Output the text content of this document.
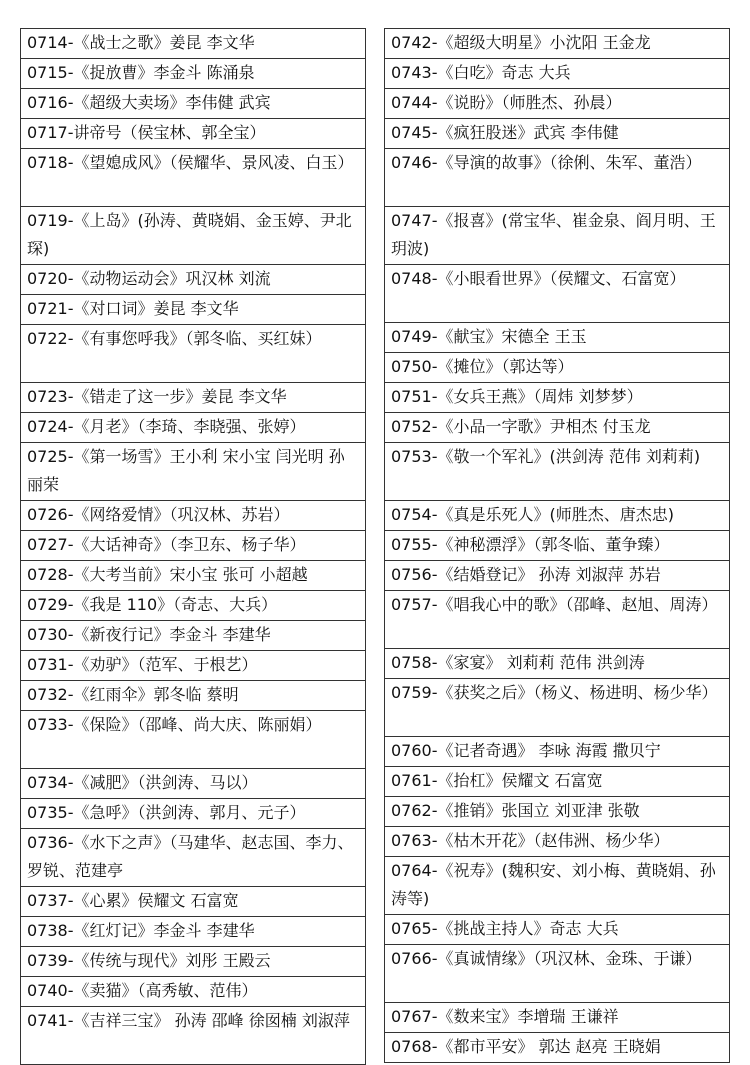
0714-《战士之歌》姜昆 李文华
0715-《捉放曹》李金斗 陈涌泉
0716-《超级大卖场》李伟健 武宾
0717-讲帝号（侯宝林、郭全宝）
0718-《望媳成风》（侯耀华、景风凌、白玉）
0719-《上岛》(孙涛、黄晓娟、金玉婷、尹北琛)
0720-《动物运动会》巩汉林 刘流
0721-《对口词》姜昆 李文华
0722-《有事您呼我》（郭冬临、买红妹）
0723-《错走了这一步》姜昆 李文华
0724-《月老》（李琦、李晓强、张婷）
0725-《第一场雪》王小利 宋小宝 闫光明 孙丽荣
0726-《网络爱情》（巩汉林、苏岩）
0727-《大话神奇》（李卫东、杨子华）
0728-《大考当前》宋小宝 张可 小超越
0729-《我是 110》（奇志、大兵）
0730-《新夜行记》李金斗 李建华
0731-《劝驴》（范军、于根艺）
0732-《红雨伞》郭冬临 蔡明
0733-《保险》（邵峰、尚大庆、陈丽娟）
0734-《减肥》（洪剑涛、马以）
0735-《急呼》（洪剑涛、郭月、元子）
0736-《水下之声》（马建华、赵志国、李力、罗锐、范建亭
0737-《心累》侯耀文 石富宽
0738-《红灯记》李金斗 李建华
0739-《传统与现代》刘彤 王殿云
0740-《卖猫》（高秀敏、范伟）
0741-《吉祥三宝》 孙涛 邵峰 徐囡楠 刘淑萍
0742-《超级大明星》小沈阳 王金龙
0743-《白吃》奇志 大兵
0744-《说盼》（师胜杰、孙晨）
0745-《疯狂股迷》武宾 李伟健
0746-《导演的故事》（徐俐、朱军、董浩）
0747-《报喜》(常宝华、崔金泉、阎月明、王玥波)
0748-《小眼看世界》（侯耀文、石富宽）
0749-《献宝》宋德全 王玉
0750-《摊位》（郭达等）
0751-《女兵王燕》（周炜 刘梦梦）
0752-《小品一字歌》尹相杰 付玉龙
0753-《敬一个军礼》(洪剑涛 范伟 刘莉莉)
0754-《真是乐死人》(师胜杰、唐杰忠)
0755-《神秘漂浮》（郭冬临、董争臻）
0756-《结婚登记》 孙涛 刘淑萍 苏岩
0757-《唱我心中的歌》（邵峰、赵旭、周涛）
0758-《家宴》 刘莉莉 范伟 洪剑涛
0759-《获奖之后》（杨义、杨进明、杨少华）
0760-《记者奇遇》 李咏 海霞 撒贝宁
0761-《抬杠》侯耀文 石富宽
0762-《推销》张国立 刘亚津 张敬
0763-《枯木开花》（赵伟洲、杨少华）
0764-《祝寿》(魏积安、刘小梅、黄晓娟、孙涛等)
0765-《挑战主持人》奇志 大兵
0766-《真诚情缘》（巩汉林、金珠、于谦）
0767-《数来宝》李增瑞 王谦祥
0768-《都市平安》 郭达 赵亮 王晓娟
